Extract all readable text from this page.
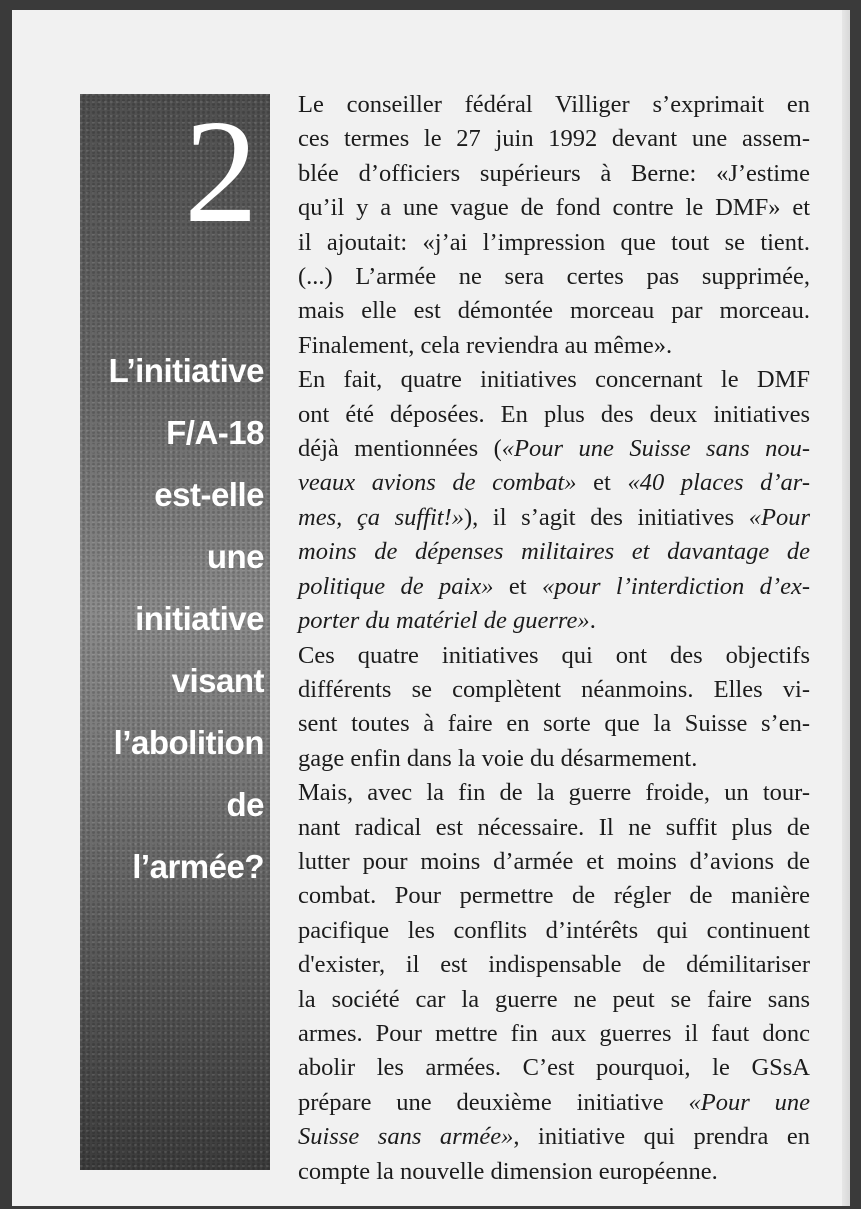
2
L’initiative
F/A-18
est-elle
une
initiative
visant
l’abolition
de
l’armée?
Le conseiller fédéral Villiger s’exprimait en
ces termes le 27 juin 1992 devant une assem-
blée d’officiers supérieurs à Berne: «J’estime
qu’il y a une vague de fond contre le DMF» et
il ajoutait: «j’ai l’impression que tout se tient.
(...) L’armée ne sera certes pas supprimée,
mais elle est démontée morceau par morceau.
Finalement, cela reviendra au même».
En fait, quatre initiatives concernant le DMF
ont été déposées. En plus des deux initiatives
déjà mentionnées («Pour une Suisse sans nou-
veaux avions de combat» et «40 places d’ar-
mes, ça suffit!»), il s’agit des initiatives «Pour
moins de dépenses militaires et davantage de
politique de paix» et «pour l’interdiction d’ex-
porter du matériel de guerre».
Ces quatre initiatives qui ont des objectifs
différents se complètent néanmoins. Elles vi-
sent toutes à faire en sorte que la Suisse s’en-
gage enfin dans la voie du désarmement.
Mais, avec la fin de la guerre froide, un tour-
nant radical est nécessaire. Il ne suffit plus de
lutter pour moins d’armée et moins d’avions de
combat. Pour permettre de régler de manière
pacifique les conflits d’intérêts qui continuent
d'exister, il est indispensable de démilitariser
la société car la guerre ne peut se faire sans
armes. Pour mettre fin aux guerres il faut donc
abolir les armées. C’est pourquoi, le GSsA
prépare une deuxième initiative «Pour une
Suisse sans armée», initiative qui prendra en
compte la nouvelle dimension européenne.
